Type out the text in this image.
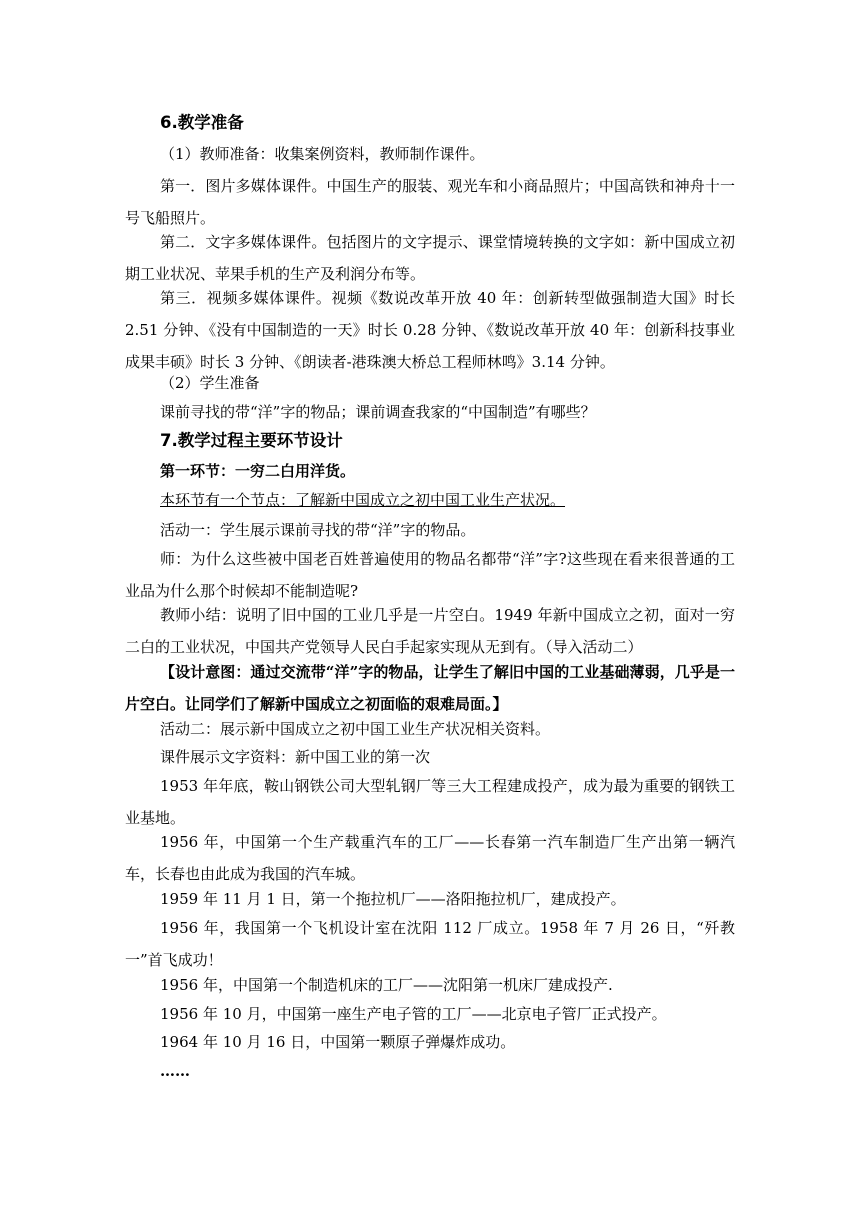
6.教学准备

（1）教师准备：收集案例资料，教师制作课件。

第一．图片多媒体课件。中国生产的服装、观光车和小商品照片；中国高铁和神舟十一号飞船照片。

第二．文字多媒体课件。包括图片的文字提示、课堂情境转换的文字如：新中国成立初期工业状况、苹果手机的生产及利润分布等。

第三．视频多媒体课件。视频《数说改革开放 40 年：创新转型做强制造大国》时长 2.51 分钟、《没有中国制造的一天》时长 0.28 分钟、《数说改革开放 40 年：创新科技事业成果丰硕》时长 3 分钟、《朗读者-港珠澳大桥总工程师林鸣》3.14 分钟。

（2）学生准备

课前寻找的带“洋”字的物品；课前调查我家的“中国制造”有哪些？

7.教学过程主要环节设计

第一环节：一穷二白用洋货。

本环节有一个节点：了解新中国成立之初中国工业生产状况。

活动一：学生展示课前寻找的带“洋”字的物品。

师：为什么这些被中国老百姓普遍使用的物品名都带“洋”字?这些现在看来很普通的工业品为什么那个时候却不能制造呢?

教师小结：说明了旧中国的工业几乎是一片空白。1949 年新中国成立之初，面对一穷二白的工业状况，中国共产党领导人民白手起家实现从无到有。（导入活动二）

【设计意图：通过交流带“洋”字的物品，让学生了解旧中国的工业基础薄弱，几乎是一片空白。让同学们了解新中国成立之初面临的艰难局面。】

活动二：展示新中国成立之初中国工业生产状况相关资料。

课件展示文字资料：新中国工业的第一次

1953 年年底，鞍山钢铁公司大型轧钢厂等三大工程建成投产，成为最为重要的钢铁工业基地。

1956 年，中国第一个生产载重汽车的工厂——长春第一汽车制造厂生产出第一辆汽车，长春也由此成为我国的汽车城。

1959 年 11 月 1 日，第一个拖拉机厂——洛阳拖拉机厂，建成投产。

1956 年，我国第一个飞机设计室在沈阳 112 厂成立。1958 年 7 月 26 日，“歼教一”首飞成功！

1956 年，中国第一个制造机床的工厂——沈阳第一机床厂建成投产.

1956 年 10 月，中国第一座生产电子管的工厂——北京电子管厂正式投产。

1964 年 10 月 16 日，中国第一颗原子弹爆炸成功。

……
